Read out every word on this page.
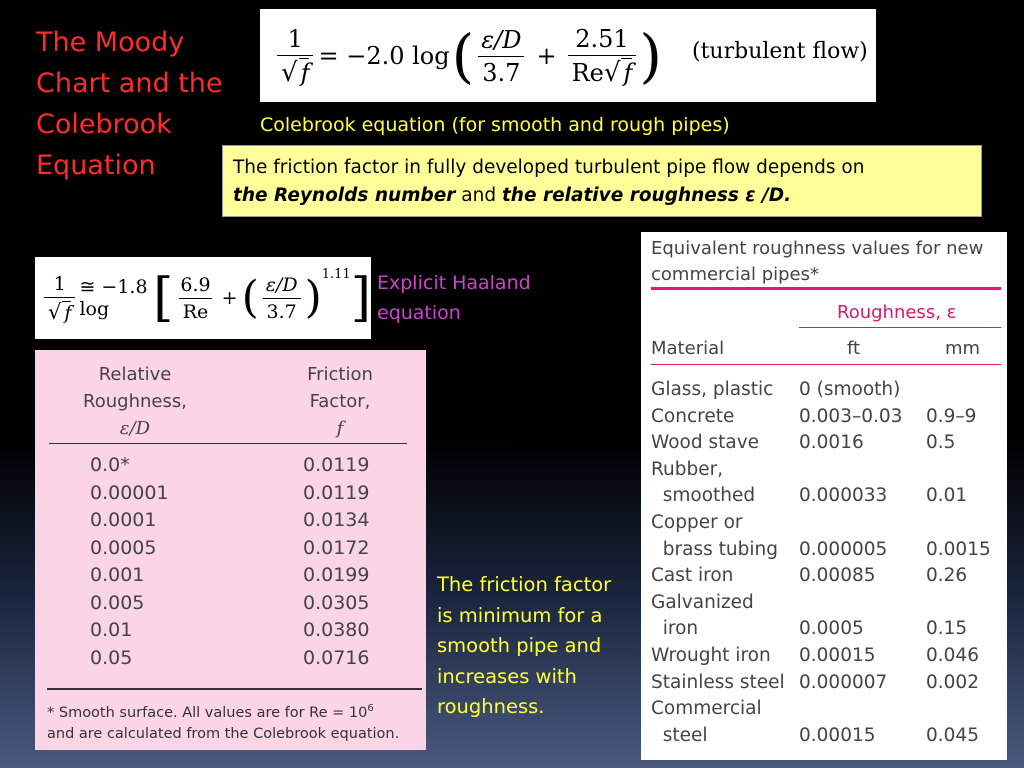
The Moody Chart and the Colebrook Equation
$\frac{1}{√ f} = -2.0$ log ( $\frac{\varepsilon/D}{3.7} + \frac{2.51}{Re√ f}$ ) (turbulent flow)
Colebrook equation (for smooth and rough pipes)
The friction factor in fully developed turbulent pipe flow depends on
the Reynolds number and the relative roughness ε /D.
$\frac{1}{√ f}$ ≅ −1.8 log [ $\frac{6.9}{Re}$ + ( $\frac{\varepsilon/D}{3.7}$ ) 1.11 ] Explicit Haaland equation
Relative
Roughness,
ε/D
Friction
Factor,
f
0.0*	0.0119
0.00001	0.0119
0.0001	0.0134
0.0005	0.0172
0.001	0.0199
0.005	0.0305
0.01	0.0380
0.05	0.0716
* Smooth surface. All values are for $Re = 10^6$
and are calculated from the Colebrook equation.
The friction factor is minimum for a smooth pipe and increases with roughness.
Equivalent roughness values for new commercial pipes*
Roughness, ε
Material	ft	mm
Glass, plastic 0 (smooth)
Concrete	0.003–0.03 0.9–9
Wood stave 0.0016	0.5
Rubber,
smoothed 0.000033 0.01
Copper or
brass tubing 0.000005 0.0015
Cast iron	0.00085	0.26
Galvanized
iron	0.0005	0.15
Wrought iron 0.00015	0.046
Stainless steel 0.000007 0.002
Commercial
steel	0.00015	0.045
